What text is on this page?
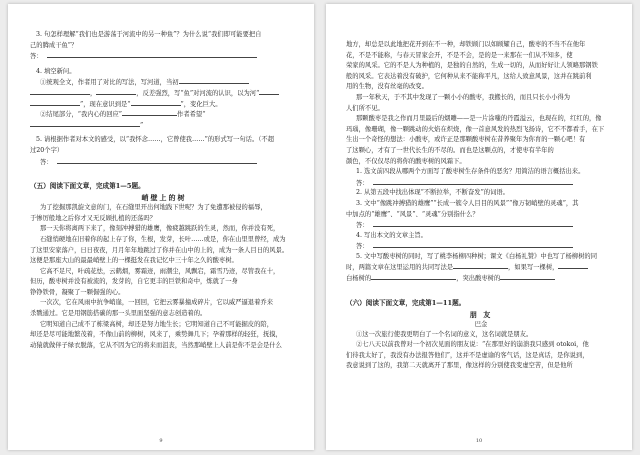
3. 句怎样理解“我们也是游荡于河流中的另一种鱼”？为什么说“我们即可能要把自
己的腾成干鱼”？
答：
4. 填空新问。
①统观全文，作者用了对比的写法，写河道，当初
，	，反差强烈，写“鱼”对河流的认识，以为河“
”，现在意识到是“	”，变化巨大。
②结尾部分，“我内心的回应”	作者希望“
”
5. 请根据作者对本文的感受，以“我怀念……，它曾使我……”的形式写一句话。（不超
过20个字）
答：
（五）阅读下面文章，完成第1—5题。
峭壁上的树
为了挖掘那凯旋文意的门，在石缝里开出何地践下世呢？为了免遭那被侵的福辱，
于惨厉般地之后你才又无反顾扎植的还荡吗？
那一天你将离两下来了，像刻冲搏猎的雄鹰，像疲越跳跃的生灵，然而，你并没有死，
石缝悄硬地在旧着你的起上存了你，生根，发芽，长叶……或是，你在山里里曾经，成为
了这里安家落户，日日夜夜，月月年年地跳过了你并在山中的上的，成为一条人目日的风景。
这便是那座大山的最最峭壁上的一棵挺发在我记忆中三十年之久的酸枣树。
它高不足尺，叶疏花怯，云鹤烟，雾霜迹，雨潮尘，风飘宕，霜雪乃迹，尽管我在十，
但历，酸枣树并没有被流的，发芽的，自它更丰的巨铁和奇中，炼就了一身
铮铮铁骨，凝聚了一颗倔强的心。
一次次，它在风雨中抗争峭崖，一回回，它把云雾暴撞成碎片，它以威严逼退着乔来
杀戮通过。它是用钢筋搭碳的那一头里面坚强的意志创造着的。
它明知道自己成不了栋梁高树，却还是努力地生长；它明知道自己不可能掘皮的陪，
却还是尽可能地繁茂着，不像山前的柳树，风来了，乘势舞几下；孕着那样的轻狂，抚摸，
动猿就做伴子绿衣脱落，它从不因为它的将来而沮丧，当然那峭壁上人前是你不是会是什么
9
地方，却总是以此地把花开到在不一种，却铁顾门以如顾耀自己，酸枣的不当不在他年
花，不是不能称，与春天冒家会开，不是不会，是的是一来那在一们从不知多，使
荣家的风采。它的不是人为种植的，是独的自然的，生成一切的，从而好好让人领略那钢铁
般的风采。它表达着没有破护，它何种从来不能称平凡，这给人致意风景，这并在跳前利
用的生物，没有丝毫的改变。
那一年秋天，于不其中发现了一颗小小的酸枣，我搬长的，而且只长小小得为
人们所不见。
那颗酸枣是我之作而月里最后的烟雕——是一片涂嗤的丹霞溢云，也现在的，红红的，像
玛瑙，像珊瑚，像一颗跳动的火焰在炽烧，像一首意风发的热烈飞扬诗，它不不都看手，在下
生出一个奇怪的想法：小酸枣，或许正是那颗酸枣树在昔养聚年为你育的一颗心吧！有
了这颗心，才有了一世代长生的不尽的。而也是这颗点的，才使枣有半年的
颜色，不仅仅尽的将你的酸枣树的风霜下。
1. 选文前四段从哪两个方面写了酸枣树生存条件的恶劣？用简洁的语言概括出来。
答：
2. 从第五段中找出体现“不断拉举，不断奋发”的词语。
3. 文中“像跳冲搏猎的雄鹰”“长成一簇令人目目的风景”“像万韧峭壁的灵魂”，其
中加点的“雄鹰”、“风景”、“灵魂”分别指什么？
答：
4. 写出本文的文章主旨。
答：
5. 文中写酸枣树的同时，写了桃李杨柳四种树；课文《白杨礼赞》中也写了杨柳树的同
时，两篇文章在这里运用的共同写法是	，如果写一棵树，
白杨树的	，突出酸枣树的
（六）阅读下面文章，完成第1—11题。
朋 友
巴金
①这一次旅行使我更明白了一个名词的意义，这名词就是朋友。
②七八天以前我曾对一个初次见面的朋友说：“在那里好的崩溃我只感到 otokoi，他
们待我太好了，我没有办法报答他们”，这并不是虚谕的客气话，这是真话，是你说到，
我意说到了这的，我第二天就离开了那里，像这样的分别使我变虚空苦，但是他所
10
